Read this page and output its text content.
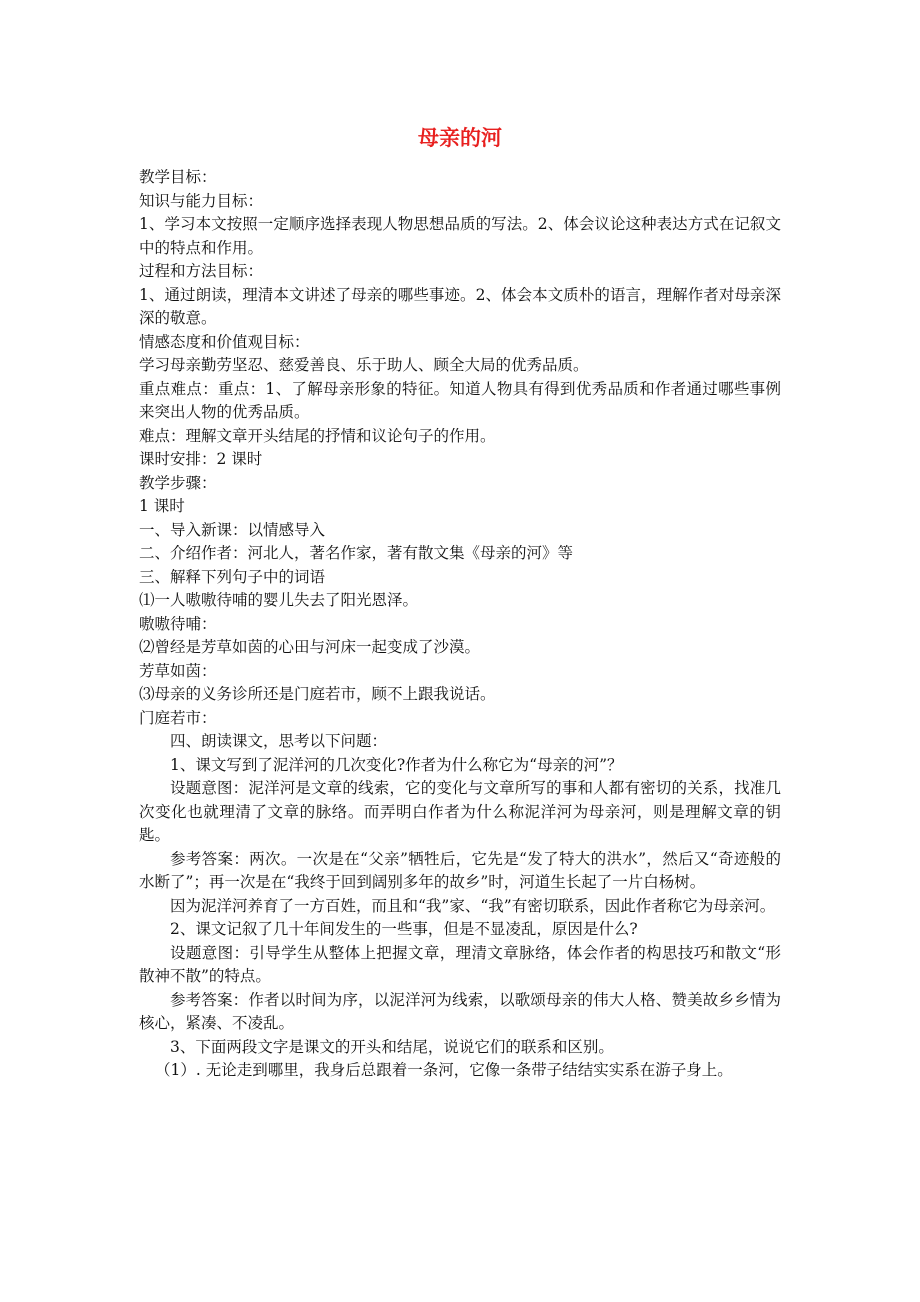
母亲的河

教学目标：

知识与能力目标：

1、学习本文按照一定顺序选择表现人物思想品质的写法。2、体会议论这种表达方式在记叙文中的特点和作用。

过程和方法目标：

1、通过朗读，理清本文讲述了母亲的哪些事迹。2、体会本文质朴的语言，理解作者对母亲深深的敬意。

情感态度和价值观目标：

学习母亲勤劳坚忍、慈爱善良、乐于助人、顾全大局的优秀品质。

重点难点：重点：1、了解母亲形象的特征。知道人物具有得到优秀品质和作者通过哪些事例来突出人物的优秀品质。

难点：理解文章开头结尾的抒情和议论句子的作用。

课时安排：2 课时

教学步骤：

1 课时

一、导入新课：以情感导入

二、介绍作者：河北人，著名作家，著有散文集《母亲的河》等

三、解释下列句子中的词语

⑴一人嗷嗷待哺的婴儿失去了阳光恩泽。

嗷嗷待哺：

⑵曾经是芳草如茵的心田与河床一起变成了沙漠。

芳草如茵：

⑶母亲的义务诊所还是门庭若市，顾不上跟我说话。

门庭若市：

四、朗读课文，思考以下问题：

1、课文写到了泥洋河的几次变化?作者为什么称它为“母亲的河”？

设题意图：泥洋河是文章的线索，它的变化与文章所写的事和人都有密切的关系，找准几次变化也就理清了文章的脉络。而弄明白作者为什么称泥洋河为母亲河，则是理解文章的钥匙。

参考答案：两次。一次是在“父亲”牺牲后，它先是“发了特大的洪水”，然后又“奇迹般的水断了”；再一次是在“我终于回到阔别多年的故乡”时，河道生长起了一片白杨树。

因为泥洋河养育了一方百姓，而且和“我”家、“我”有密切联系，因此作者称它为母亲河。

2、课文记叙了几十年间发生的一些事，但是不显凌乱，原因是什么?

设题意图：引导学生从整体上把握文章，理清文章脉络，体会作者的构思技巧和散文“形散神不散”的特点。

参考答案：作者以时间为序，以泥洋河为线索，以歌颂母亲的伟大人格、赞美故乡乡情为核心，紧凑、不凌乱。

3、下面两段文字是课文的开头和结尾，说说它们的联系和区别。

（1）. 无论走到哪里，我身后总跟着一条河，它像一条带子结结实实系在游子身上。
